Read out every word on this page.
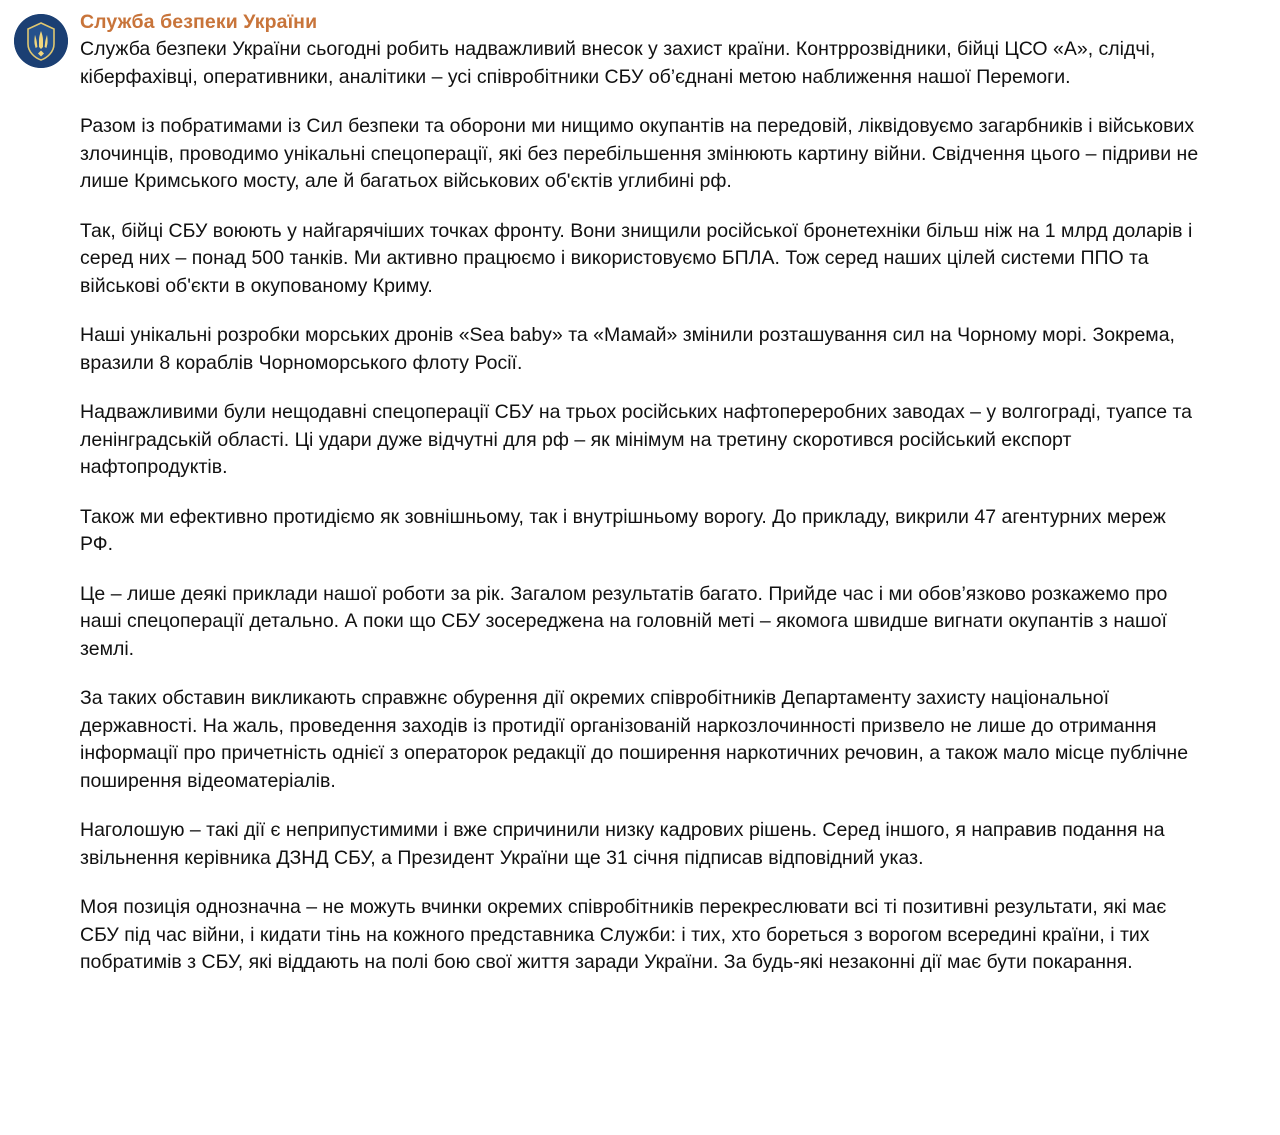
Служба безпеки України

Служба безпеки України сьогодні робить надважливий внесок у захист країни. Контррозвідники, бійці ЦСО «А», слідчі, кіберфахівці, оперативники, аналітики – усі співробітники СБУ об’єднані метою наближення нашої Перемоги.

Разом із побратимами із Сил безпеки та оборони ми нищимо окупантів на передовій, ліквідовуємо загарбників і військових злочинців, проводимо унікальні спецоперації, які без перебільшення змінюють картину війни. Свідчення цього – підриви не лише Кримського мосту, але й багатьох військових об'єктів углибині рф.

Так, бійці СБУ воюють у найгарячіших точках фронту. Вони знищили російської бронетехніки більш ніж на 1 млрд доларів і серед них – понад 500 танків. Ми активно працюємо і використовуємо БПЛА. Тож серед наших цілей системи ППО та військові об'єкти в окупованому Криму.

Наші унікальні розробки морських дронів «Sea baby» та «Мамай» змінили розташування сил на Чорному морі. Зокрема, вразили 8 кораблів Чорноморського флоту Росії.

Надважливими були нещодавні спецоперації СБУ на трьох російських нафтопереробних заводах – у волгограді, туапсе та ленінградській області. Ці удари дуже відчутні для рф – як мінімум на третину скоротився російський експорт нафтопродуктів.

Також ми ефективно протидіємо як зовнішньому, так і внутрішньому ворогу. До прикладу, викрили 47 агентурних мереж РФ.

Це – лише деякі приклади нашої роботи за рік. Загалом результатів багато. Прийде час і ми обов’язково розкажемо про наші спецоперації детально. А поки що СБУ зосереджена на головній меті – якомога швидше вигнати окупантів з нашої землі.

За таких обставин викликають справжнє обурення дії окремих співробітників Департаменту захисту національної державності. На жаль, проведення заходів із протидії організованій наркозлочинності призвело не лише до отримання інформації про причетність однієї з операторок редакції до поширення наркотичних речовин, а також мало місце публічне поширення відеоматеріалів.

Наголошую – такі дії є неприпустимими і вже спричинили низку кадрових рішень. Серед іншого, я направив подання на звільнення керівника ДЗНД СБУ, а Президент України ще 31 січня підписав відповідний указ.

Моя позиція однозначна – не можуть вчинки окремих співробітників перекреслювати всі ті позитивні результати, які має СБУ під час війни, і кидати тінь на кожного представника Служби: і тих, хто бореться з ворогом всередині країни, і тих побратимів з СБУ, які віддають на полі бою свої життя заради України. За будь-які незаконні дії має бути покарання.
